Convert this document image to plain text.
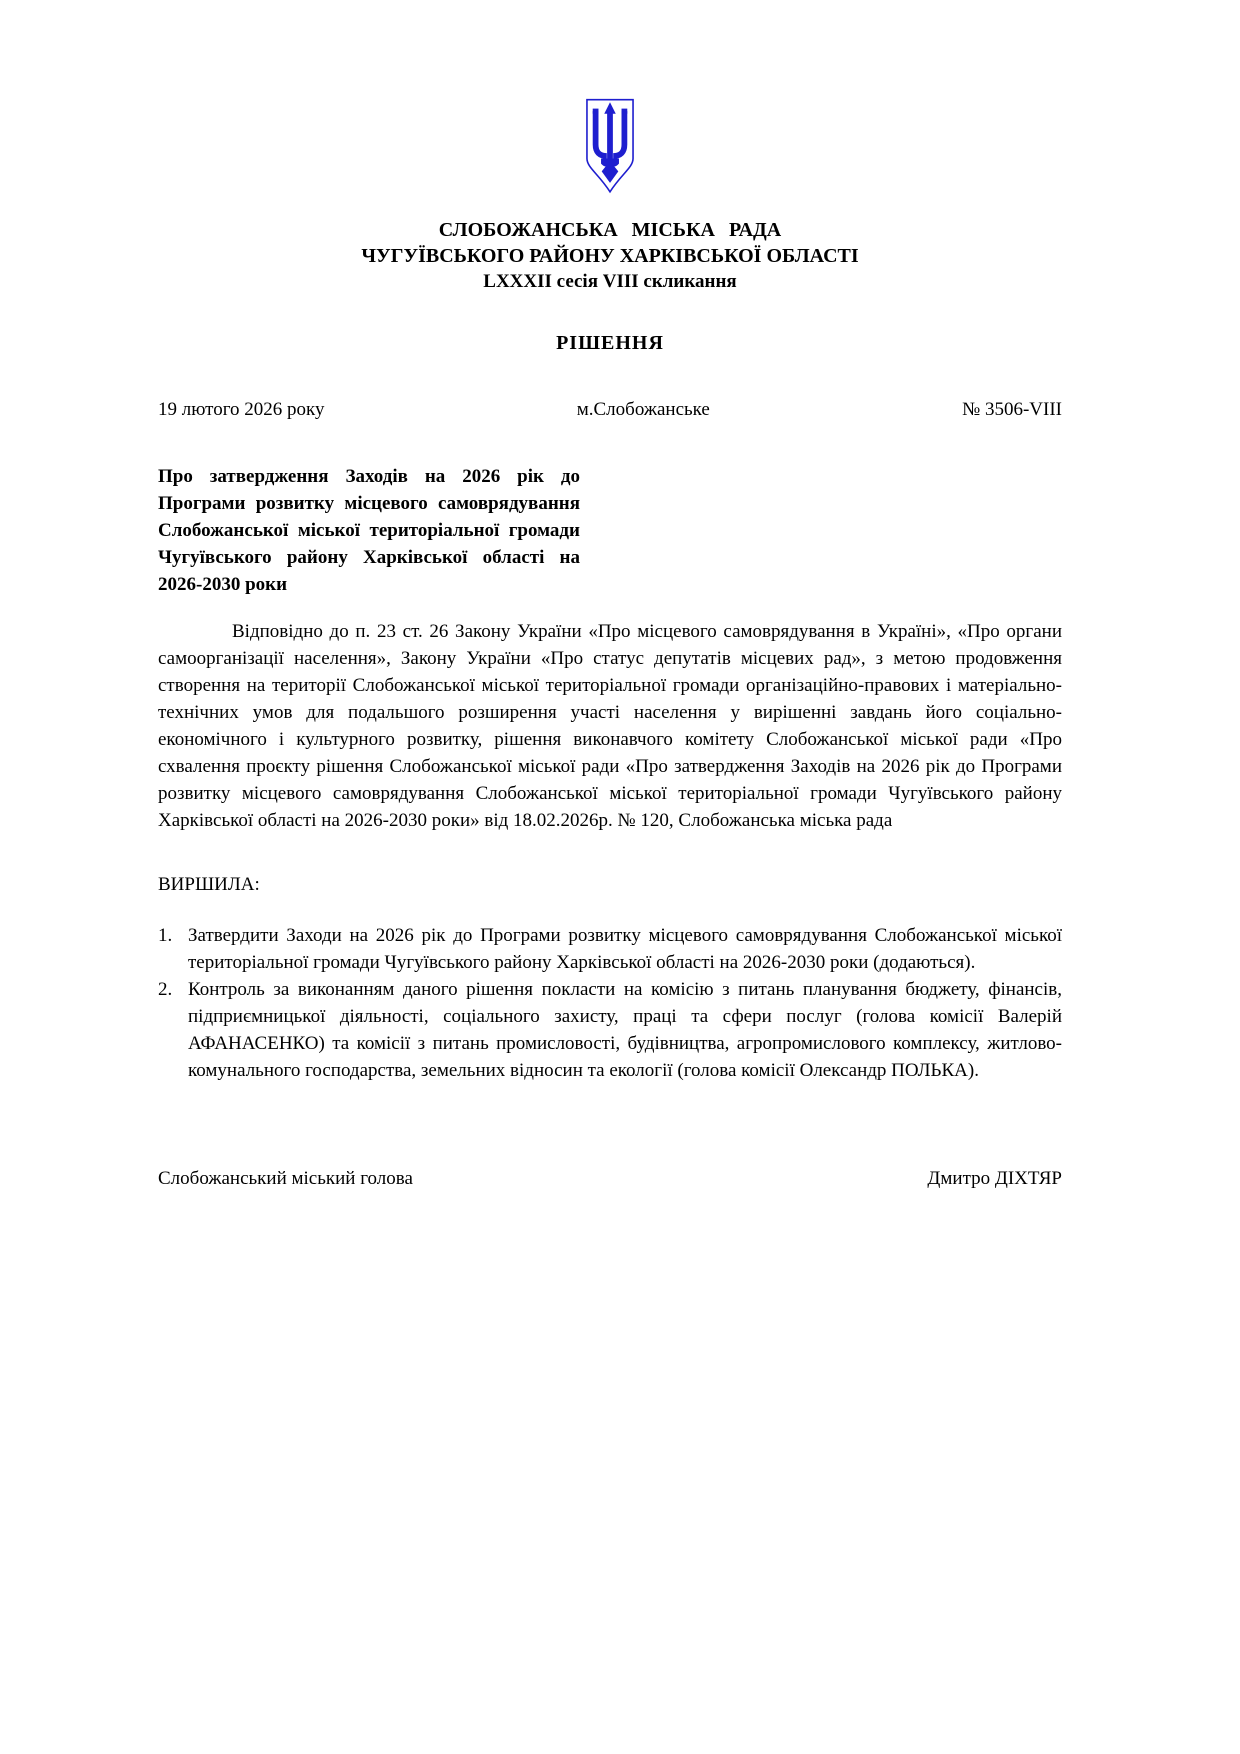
СЛОБОЖАНСЬКА МІСЬКА РАДА
ЧУГУЇВСЬКОГО РАЙОНУ ХАРКІВСЬКОЇ ОБЛАСТІ
LXXXII сесія VIII скликання
РІШЕННЯ
19 лютого 2026 року	м.Слобожанське	№ 3506-VIII
Про затвердження Заходів на 2026 рік до Програми розвитку місцевого самоврядування Слобожанської міської територіальної громади Чугуївського району Харківської області на 2026-2030 роки
Відповідно до п. 23 ст. 26 Закону України «Про місцевого самоврядування в Україні», «Про органи самоорганізації населення», Закону України «Про статус депутатів місцевих рад», з метою продовження створення на території Слобожанської міської територіальної громади організаційно-правових і матеріально-технічних умов для подальшого розширення участі населення у вирішенні завдань його соціально- економічного і культурного розвитку, рішення виконавчого комітету Слобожанської міської ради «Про схвалення проєкту рішення Слобожанської міської ради «Про затвердження Заходів на 2026 рік до Програми розвитку місцевого самоврядування Слобожанської міської територіальної громади Чугуївського району Харківської області на 2026-2030 роки» від 18.02.2026р. № 120, Слобожанська міська рада
ВИРШИЛА:
1. Затвердити Заходи на 2026 рік до Програми розвитку місцевого самоврядування Слобожанської міської територіальної громади Чугуївського району Харківської області на 2026-2030 роки (додаються).
2. Контроль за виконанням даного рішення покласти на комісію з питань планування бюджету, фінансів, підприємницької діяльності, соціального захисту, праці та сфери послуг (голова комісії Валерій АФАНАСЕНКО) та комісії з питань промисловості, будівництва, агропромислового комплексу, житлово-комунального господарства, земельних відносин та екології (голова комісії Олександр ПОЛЬКА).
Слобожанський міський голова	Дмитро ДІХТЯР
